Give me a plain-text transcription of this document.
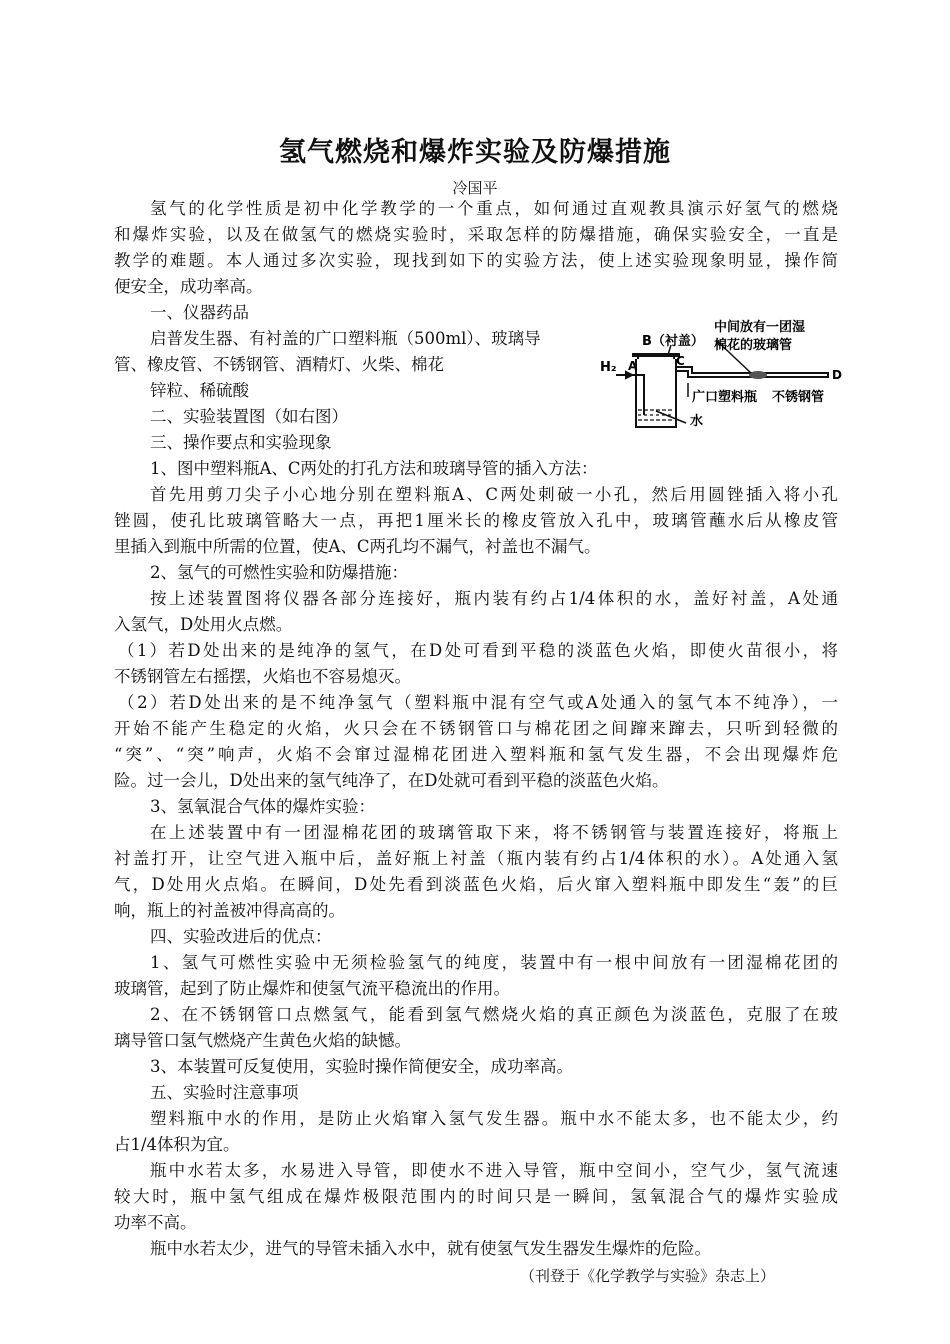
氢气燃烧和爆炸实验及防爆措施
冷国平
氢气的化学性质是初中化学教学的一个重点，如何通过直观教具演示好氢气的燃烧
和爆炸实验，以及在做氢气的燃烧实验时，采取怎样的防爆措施，确保实验安全，一直是
教学的难题。本人通过多次实验，现找到如下的实验方法，使上述实验现象明显，操作简
便安全，成功率高。
一、仪器药品
启普发生器、有衬盖的广口塑料瓶（500ml）、玻璃导
管、橡皮管、不锈钢管、酒精灯、火柴、棉花
锌粒、稀硫酸
B（衬盖）
C
A
H₂	D
中间放有一团湿
棉花的玻璃管
广口塑料瓶 不锈钢管
水
二、实验装置图（如右图）
三、操作要点和实验现象
1、图中塑料瓶A、C两处的打孔方法和玻璃导管的插入方法：
首先用剪刀尖子小心地分别在塑料瓶A、C两处刺破一小孔，然后用圆锉插入将小孔
锉圆，使孔比玻璃管略大一点，再把1厘米长的橡皮管放入孔中，玻璃管蘸水后从橡皮管
里插入到瓶中所需的位置，使A、C两孔均不漏气，衬盖也不漏气。
2、氢气的可燃性实验和防爆措施：
按上述装置图将仪器各部分连接好，瓶内装有约占1/4体积的水，盖好衬盖，A处通
入氢气，D处用火点燃。
（1）若D处出来的是纯净的氢气，在D处可看到平稳的淡蓝色火焰，即使火苗很小，将
不锈钢管左右摇摆，火焰也不容易熄灭。
（2）若D处出来的是不纯净氢气（塑料瓶中混有空气或A处通入的氢气本不纯净），一
开始不能产生稳定的火焰，火只会在不锈钢管口与棉花团之间蹿来蹿去，只听到轻微的
“突”、“突”响声，火焰不会窜过湿棉花团进入塑料瓶和氢气发生器，不会出现爆炸危
险。过一会儿，D处出来的氢气纯净了，在D处就可看到平稳的淡蓝色火焰。
3、氢氧混合气体的爆炸实验：
在上述装置中有一团湿棉花团的玻璃管取下来，将不锈钢管与装置连接好，将瓶上
衬盖打开，让空气进入瓶中后，盖好瓶上衬盖（瓶内装有约占1/4体积的水）。A处通入氢
气，D处用火点焰。在瞬间，D处先看到淡蓝色火焰，后火窜入塑料瓶中即发生“轰”的巨
响，瓶上的衬盖被冲得高高的。
四、实验改进后的优点：
1、氢气可燃性实验中无须检验氢气的纯度，装置中有一根中间放有一团湿棉花团的
玻璃管，起到了防止爆炸和使氢气流平稳流出的作用。
2、在不锈钢管口点燃氢气，能看到氢气燃烧火焰的真正颜色为淡蓝色，克服了在玻
璃导管口氢气燃烧产生黄色火焰的缺憾。
3、本装置可反复使用，实验时操作简便安全，成功率高。
五、实验时注意事项
塑料瓶中水的作用，是防止火焰窜入氢气发生器。瓶中水不能太多，也不能太少，约
占1/4体积为宜。
瓶中水若太多，水易进入导管，即使水不进入导管，瓶中空间小，空气少，氢气流速
较大时，瓶中氢气组成在爆炸极限范围内的时间只是一瞬间，氢氧混合气的爆炸实验成
功率不高。
瓶中水若太少，进气的导管未插入水中，就有使氢气发生器发生爆炸的危险。
（刊登于《化学教学与实验》杂志上）
